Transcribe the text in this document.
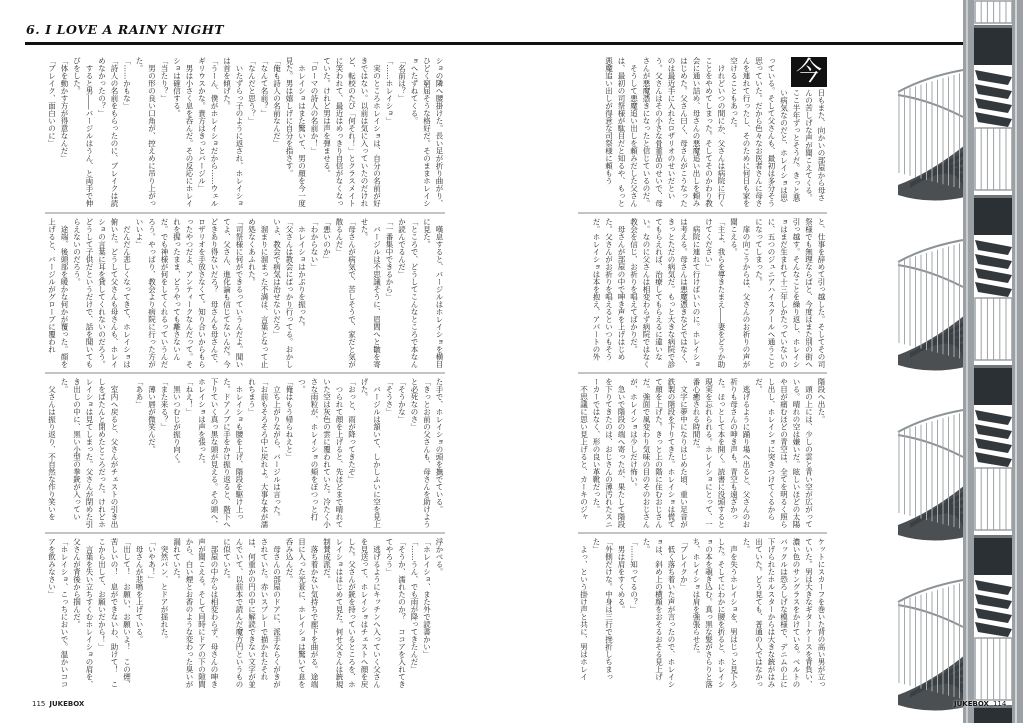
6. I LOVE A RAINY NIGHT

ショの隣へ腰掛けた。長い足が折り曲がり、ひどく窮屈そうな格好だ。そのままホレイショへたずねてくる。

「名前は？」

「……ホレイショ」

　実のところホレイショは、自分の名前が好きではない。以前は気に入っていたのだけれど、転校のたび「何それ！」とクラスメイトに笑われて、最近はめっきり自信がなくなっていた。けれど男は声を弾ませる。

「ローマの詩人の名前か！」

　ホレイショはまた驚いて、男の顔を今一度見た。男は嬉しげに自分を指さす。

「俺も詩人の名前なんだ」

「なんて名前？」

「なんだと思う？」

　いたずらっ子のように返され、ホレイショは首を傾げた。

「うーん、僕がホレイショだから……ウェルギリウスかな。貴方はきっとバージル」

　男は小さく息を呑んだ。その反応にホレイショは確信する。

「当たり？」

　男の形の良い口角が、控えめに吊り上がった。

「……かもな」

「詩人の名前をもらったのに、ブレイクは読めなかったの？」

　すると男――バージルはうん、と両手で伸びをした。

「体を動かす方が得意なんだ」

「ブレイク、面白いのに」

　嘆息すると、バージルはホレイショを横目に見た。

「ところで、どうしてこんなところで本なんか読んでるんだ」

「一番集中できるから」

　バージルは不思議そうに、眉間へと皺を寄せた。

「母さんが病気で、苦しそうで、家だと気が散るんだ」

「悪いのか」

「わからない」

　ホレイショはかぶりを振った。

「父さんは教会にばっかり行ってる。おかしいよ、教会で病気は治せないだろ」

　溜まりに溜まった不満は、言葉となって止め処なくあふれた。

「司祭様に何ができるっていうんだよ。聞いてよ、父さん、進化論も信じてないんだ。今どきあり得ないだろ？　母さんも母さんで、ロザリオを手放さなくて。知り合いからもらったやつだよ、アンティークなんだって。それを握ったまま、どうやっても離さないんだ。でも神様が何をしてくれるっていうんだろう。やっぱり、教会より病院に行った方がいいよ」

　だんだん悲しくなってきて、ホレイショは俯いた。どうして父さんも母さんも、ホレイショの言葉に耳を貸してくれないのだろう。どうして子供だというだけで、話を聞いてもらえないのだろう。

　途端、後頭部を暖かな何かが覆った。顔を上げると、バージルがグローブに覆われ

た手で、ホレイショの頭を撫でている。

「きっとお前の父さんも、母さんを助けようと必死なのさ」

「そうかな」

「そうさ」

　バージルは頷いて、しかしふいに空を見上げた。

「おっと、雨が降ってきたぞ」

　つられて顔を上げると、先ほどまで晴れていた空は灰色の雲に覆われていた。冷たく小さな雨粒が、ホレイショの頬をぽつっと打つ。

「俺はもう帰らねえと」

　立ち上がりながら、バージルは言った。

「お前もそろそろ中に戻れよ。大事な本が濡れちまう」

　ホレイショも腰を上げ、階段を駆け上った。ドアノブに手をかけ振り返ると、階下へ下りていく真っ黒な頭が見える。その頭へ、ホレイショは声を張った。

「ねえ！」

　黒いつむじが振り向く。

「また来る？」

　薄い唇が微笑んだ。

「ああ」

　室内へ戻ると、父さんがチェストの引き出しをばたんと閉めたところだった。けれどホレイショは見てしまった。父さんが閉めた引き出しの中に、黒い小型の拳銃が入っていた。

　父さんは振り返り、不自然な作り笑いを

浮かべる。

「ホレイショ、また外で読書かい」

「……うん、でも雨が降ってきたんだ」

「そうか、濡れたのか？　ココアを入れてきてやろう」

　逃げるようにキッチンへ入っていく父さんを見送って、ホレイショはチェストへ顔を戻した。父さんが銃を持っているところを、ホレイショははじめて見た。何せ父さんは銃規制賛成派だ。

　落ち着かない気持ちで廊下を曲がる。途端目に入った光景に、ホレイショは驚いて息を呑み込んだ。

　母さんの部屋のドアに、派手ならくがきがされていた。赤いスプレーで描かれたそれは、何重かの円の中に解読できない文字が並んでいて、以前本で読んだ魔方円というものに似ていた。

　部屋の中からは相変わらず、母さんの呻き声が聞こえる。そして同時にドアの下の隙間から、白い煙とお香のような変わった臭いが漏れていた。

　突然バン、とドアが揺れた。

「いやあ！」

　母さんが悲鳴を上げている。

「出して！　お願い、お願いよ！　この煙、苦しいの！　息ができないわ、助けて！　ここから出して、お願いだから！」

　言葉を失い立ちすくむホレイショの肩を、父さんが背後から掴んだ。

「ホレイショ、こっちにおいで。温かいココアを飲みなさい」

115 JUKEBOX

今
日もまた、向かいの部屋から母さんの苦しげな声が聞こえてくる。ここ半年ずっとそうだ。きっと悪い病気なのだと、ホレイショは思っている。そして父さんも、最初は多分そう思っていた。だから色々なお医者さんに母さんを連れて行ったし、そのために何日も家を空けることもあった。

　けれどいつの間にか、父さんは病院に行くことをやめてしまった。そしてそのかわり教会に通い詰め、母さんの悪魔追い出しを頼みはじめた。父さん曰く、母さんがこうなったのは最近手に入れたロザリオのせいだという。父さんはその小さな骨董品のせいで、母さんが悪魔憑きになったと信じているのだ。

　そうして悪魔追い出しを頼みだした父さんは、最初の司祭様が駄目だと知るや、もっと悪魔追い出しが得意な司祭様に頼もう

と、仕事を辞めて引っ越した。そしてその司祭様でも無理ならばと、今度はまた別の街へ引っ越す。そんなことを繰り返し、ホレイショはまだ生まれて十三年しかたっていないのに、五つのジュニアハイスクールへ通うことになってしまった。

　扉の向こうからは、父さんのお祈りの声が聞こえる。

「主よ、我らを導きたまえ――妻をどうか助けてください」

　病院に連れて行けばいいのに。ホレイショは考える。母さんは悪魔憑きなどではなく、きっとただの病気だ。もっと大きな病院で診てもらえれば、治療してもらえるに違いない。なのに父さんは相変わらず病院ではなく教会を信じ、お祈りを唱えてばかりだ。

　母さんが部屋の中で呻き声を上げはじめた。父さんがお祈りを唱えるといつもそうだ。ホレイショは本を抱え、アパートの外

階段へ出た。

　頭の上には、少しの雲と青い空が広がっている。晴れの空は嫌いだ。眩しいほどの太陽や目が痛むほどの青空は、全てを明るく照らし出し、ホレイショに突きつけてくるからだ。

　逃げるように踊り場へ出ると、父さんのお祈りも母さんの呻き声も、青空も遠ざかった。ほっとして本を開く。読書に没頭すると現実を忘れられる。ホレイショにとって、一番心癒される時間だ。

　文字に夢中になりはじめた頃、重い足音が鉄製の階段を下りてきた。ホレイショは慌てて顔を上げた。きっと上の階に住むおじさんだ。強面で風変わり気味の目のそのおじさんが、ホレイショは少しだけ怖い。

　急いで階段の端へ寄ったが、果たして階段を下りてきたのは、おじさんの薄汚れたスニーカーではなく、形の良い革靴だった。

　不思議に思い見上げると、カーキのジャ

ケットにスカーフを巻いた背の高い男が立っていた。男は大きなギターケースを背負い、濃い色のサングラスをかけている。ベルトのバックルは恐ろしげな模様で、デニムの上に下げられたホルスターからは大きな銃がはみ出ていた。どう見ても、普通の人ではなかった。

　声を失うホレイショを、男はじっと見下ろした。そしてにわかに腰を折ると、ホレイショの本を覗き込む。真っ黒な髪がさらりと落ち、ホレイショは肩を強張らせた。

「ブレイクか」

　低く落ち着いた声が言ったので、ホレイショは、斜め上の横顔をおそるおそる見上げた。

「……知ってるの？」

　男は肩をすくめる。

「外側だけな。中身は三行で挫折しちまった」

　よっ、という掛け声と共に、男はホレイ

JUKEBOX 114
